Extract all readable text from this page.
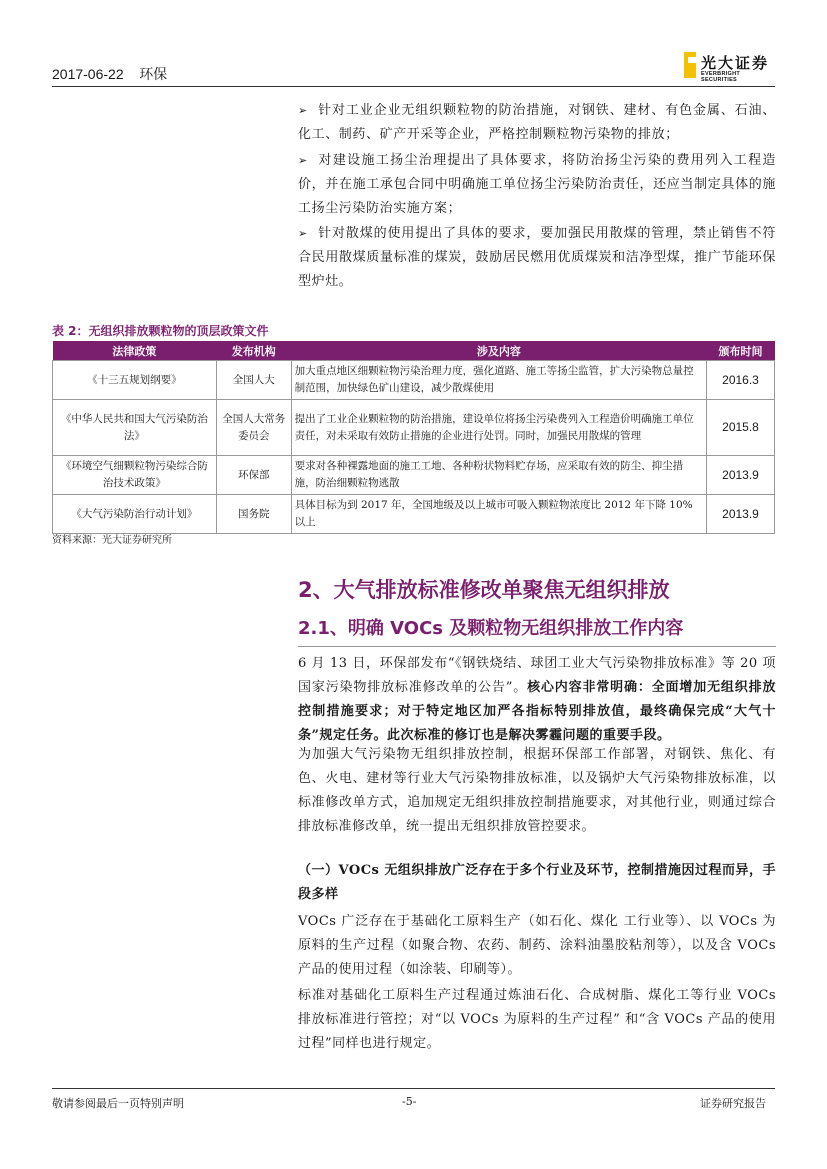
2017-06-22 环保
光大证券
EVERBRIGHT SECURITIES
➢ 针对工业企业无组织颗粒物的防治措施，对钢铁、建材、有色金属、石油、化工、制药、矿产开采等企业，严格控制颗粒物污染物的排放；
➢ 对建设施工扬尘治理提出了具体要求，将防治扬尘污染的费用列入工程造价，并在施工承包合同中明确施工单位扬尘污染防治责任，还应当制定具体的施工扬尘污染防治实施方案；
➢ 针对散煤的使用提出了具体的要求，要加强民用散煤的管理，禁止销售不符合民用散煤质量标准的煤炭，鼓励居民燃用优质煤炭和洁净型煤，推广节能环保型炉灶。
表 2：无组织排放颗粒物的顶层政策文件
法律政策	发布机构	涉及内容	颁布时间
《十三五规划纲要》	全国人大	加大重点地区细颗粒物污染治理力度，强化道路、施工等扬尘监管，扩大污染物总量控制范围，加快绿色矿山建设，减少散煤使用	2016.3
《中华人民共和国大气污染防治法》	全国人大常务委员会	提出了工业企业颗粒物的防治措施，建设单位将扬尘污染费列入工程造价明确施工单位责任，对未采取有效防止措施的企业进行处罚。同时，加强民用散煤的管理	2015.8
《环境空气细颗粒物污染综合防治技术政策》	环保部	要求对各种裸露地面的施工工地、各种粉状物料贮存场，应采取有效的防尘、抑尘措施，防治细颗粒物逃散	2013.9
《大气污染防治行动计划》	国务院	具体目标为到 2017 年，全国地级及以上城市可吸入颗粒物浓度比 2012 年下降 10%以上	2013.9
资料来源：光大证券研究所
2、大气排放标准修改单聚焦无组织排放
2.1、明确 VOCs 及颗粒物无组织排放工作内容
6 月 13 日，环保部发布“《钢铁烧结、球团工业大气污染物排放标准》等 20 项国家污染物排放标准修改单的公告”。核心内容非常明确：全面增加无组织排放控制措施要求；对于特定地区加严各指标特别排放值，最终确保完成“大气十条”规定任务。此次标准的修订也是解决雾霾问题的重要手段。
为加强大气污染物无组织排放控制，根据环保部工作部署，对钢铁、焦化、有色、火电、建材等行业大气污染物排放标准，以及锅炉大气污染物排放标准，以标准修改单方式，追加规定无组织排放控制措施要求，对其他行业，则通过综合排放标准修改单，统一提出无组织排放管控要求。
（一）VOCs 无组织排放广泛存在于多个行业及环节，控制措施因过程而异，手段多样
VOCs 广泛存在于基础化工原料生产（如石化、煤化 工行业等）、以 VOCs 为原料的生产过程（如聚合物、农药、制药、涂料油墨胶粘剂等），以及含 VOCs 产品的使用过程（如涂装、印刷等）。
标准对基础化工原料生产过程通过炼油石化、合成树脂、煤化工等行业 VOCs 排放标准进行管控；对“以 VOCs 为原料的生产过程” 和“含 VOCs 产品的使用过程”同样也进行规定。
敬请参阅最后一页特别声明	-5-	证券研究报告
